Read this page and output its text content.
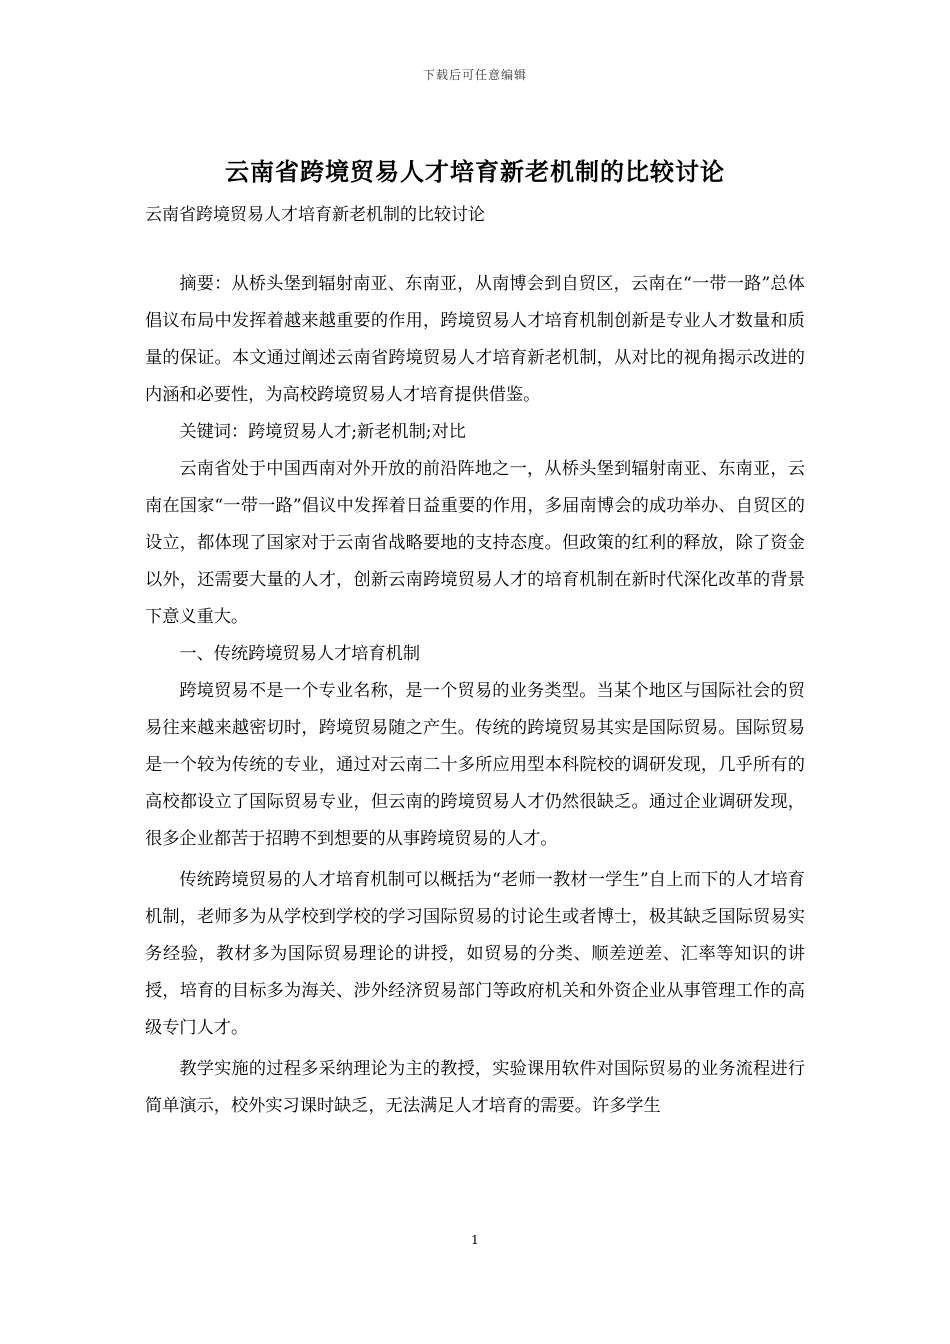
下载后可任意编辑
云南省跨境贸易人才培育新老机制的比较讨论
云南省跨境贸易人才培育新老机制的比较讨论

摘要：从桥头堡到辐射南亚、东南亚，从南博会到自贸区，云南在“一带一路”总体倡议布局中发挥着越来越重要的作用，跨境贸易人才培育机制创新是专业人才数量和质量的保证。本文通过阐述云南省跨境贸易人才培育新老机制，从对比的视角揭示改进的内涵和必要性，为高校跨境贸易人才培育提供借鉴。

关键词：跨境贸易人才;新老机制;对比

云南省处于中国西南对外开放的前沿阵地之一，从桥头堡到辐射南亚、东南亚，云南在国家“一带一路”倡议中发挥着日益重要的作用，多届南博会的成功举办、自贸区的设立，都体现了国家对于云南省战略要地的支持态度。但政策的红利的释放，除了资金以外，还需要大量的人才，创新云南跨境贸易人才的培育机制在新时代深化改革的背景下意义重大。

一、传统跨境贸易人才培育机制

跨境贸易不是一个专业名称，是一个贸易的业务类型。当某个地区与国际社会的贸易往来越来越密切时，跨境贸易随之产生。传统的跨境贸易其实是国际贸易。国际贸易是一个较为传统的专业，通过对云南二十多所应用型本科院校的调研发现，几乎所有的高校都设立了国际贸易专业，但云南的跨境贸易人才仍然很缺乏。通过企业调研发现，很多企业都苦于招聘不到想要的从事跨境贸易的人才。

传统跨境贸易的人才培育机制可以概括为“老师一教材一学生”自上而下的人才培育机制，老师多为从学校到学校的学习国际贸易的讨论生或者博士，极其缺乏国际贸易实务经验，教材多为国际贸易理论的讲授，如贸易的分类、顺差逆差、汇率等知识的讲授，培育的目标多为海关、涉外经济贸易部门等政府机关和外资企业从事管理工作的高级专门人才。

教学实施的过程多采纳理论为主的教授，实验课用软件对国际贸易的业务流程进行简单演示，校外实习课时缺乏，无法满足人才培育的需要。许多学生

1
